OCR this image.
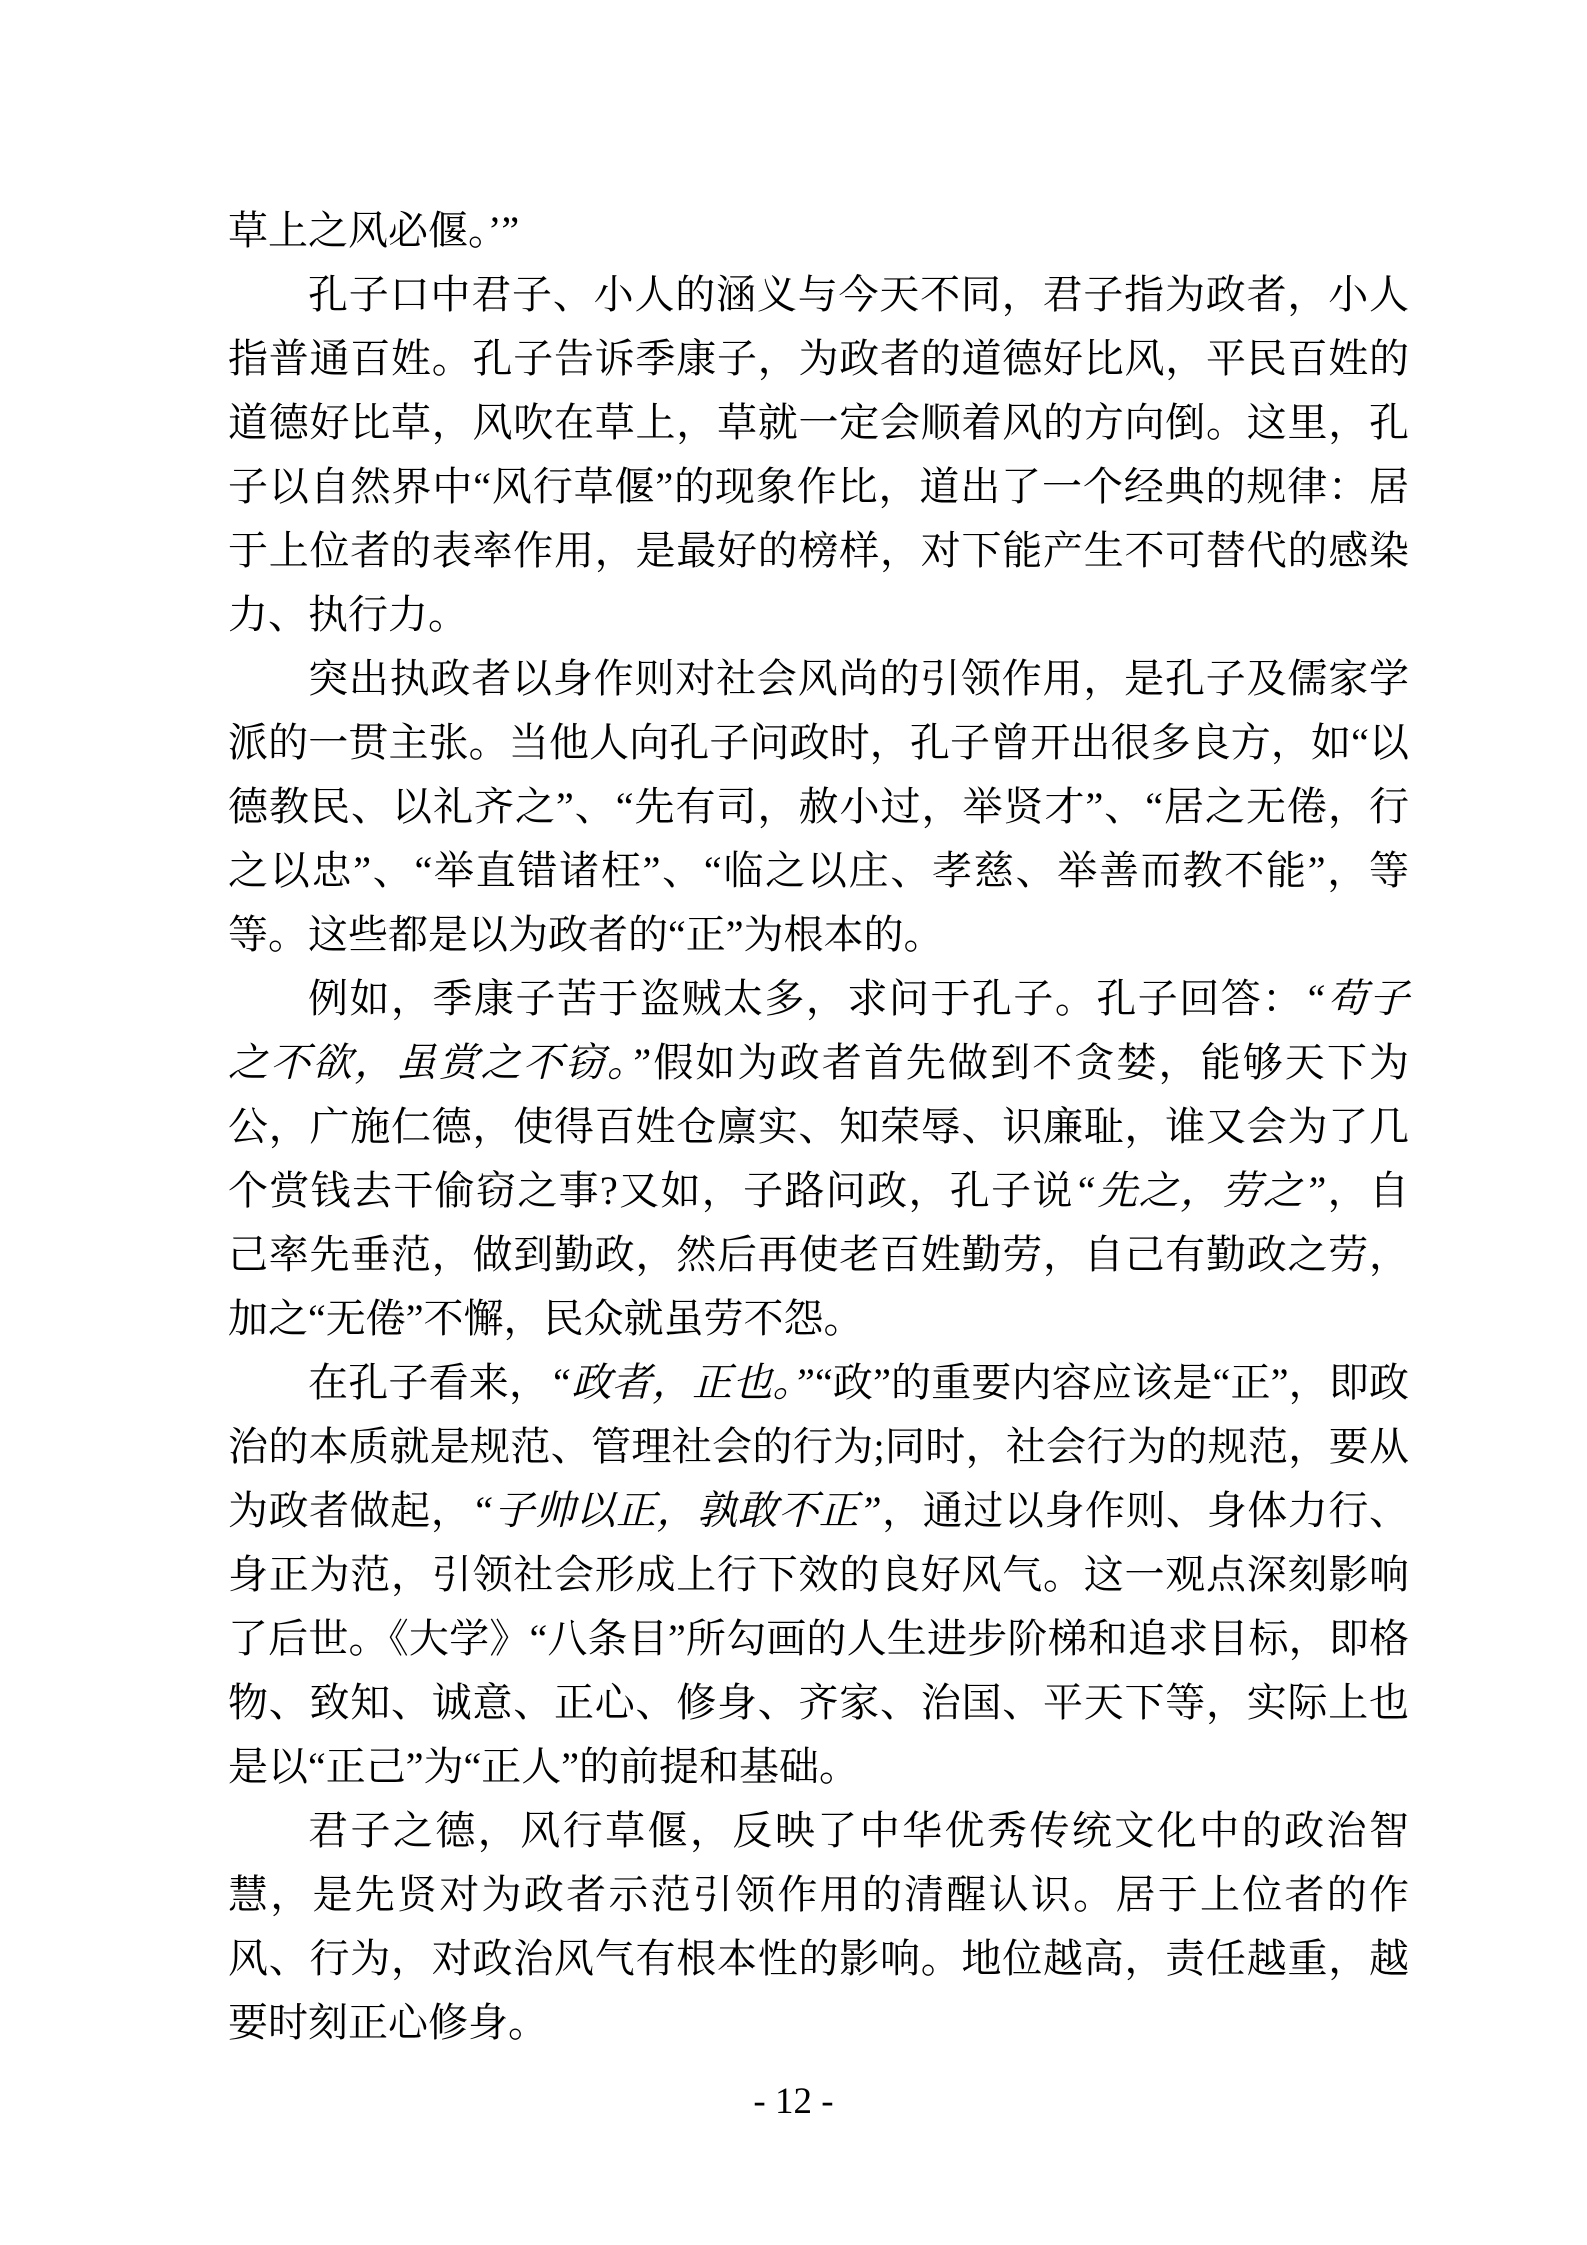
草上之风必偃。’”

孔子口中君子、小人的涵义与今天不同，君子指为政者，小人指普通百姓。孔子告诉季康子，为政者的道德好比风，平民百姓的道德好比草，风吹在草上，草就一定会顺着风的方向倒。这里，孔子以自然界中“风行草偃”的现象作比，道出了一个经典的规律：居于上位者的表率作用，是最好的榜样，对下能产生不可替代的感染力、执行力。

突出执政者以身作则对社会风尚的引领作用，是孔子及儒家学派的一贯主张。当他人向孔子问政时，孔子曾开出很多良方，如“以德教民、以礼齐之”、“先有司，赦小过，举贤才”、“居之无倦，行之以忠”、“举直错诸枉”、“临之以庄、孝慈、举善而教不能”，等等。这些都是以为政者的“正”为根本的。

例如，季康子苦于盗贼太多，求问于孔子。孔子回答：“苟子之不欲，虽赏之不窃。”假如为政者首先做到不贪婪，能够天下为公，广施仁德，使得百姓仓廪实、知荣辱、识廉耻，谁又会为了几个赏钱去干偷窃之事?又如，子路问政，孔子说“先之，劳之”，自己率先垂范，做到勤政，然后再使老百姓勤劳，自己有勤政之劳，加之“无倦”不懈，民众就虽劳不怨。

在孔子看来，“政者，正也。”“政”的重要内容应该是“正”，即政治的本质就是规范、管理社会的行为;同时，社会行为的规范，要从为政者做起，“子帅以正，孰敢不正”，通过以身作则、身体力行、身正为范，引领社会形成上行下效的良好风气。这一观点深刻影响了后世。《大学》“八条目”所勾画的人生进步阶梯和追求目标，即格物、致知、诚意、正心、修身、齐家、治国、平天下等，实际上也是以“正己”为“正人”的前提和基础。

君子之德，风行草偃，反映了中华优秀传统文化中的政治智慧，是先贤对为政者示范引领作用的清醒认识。居于上位者的作风、行为，对政治风气有根本性的影响。地位越高，责任越重，越要时刻正心修身。

- 12 -
